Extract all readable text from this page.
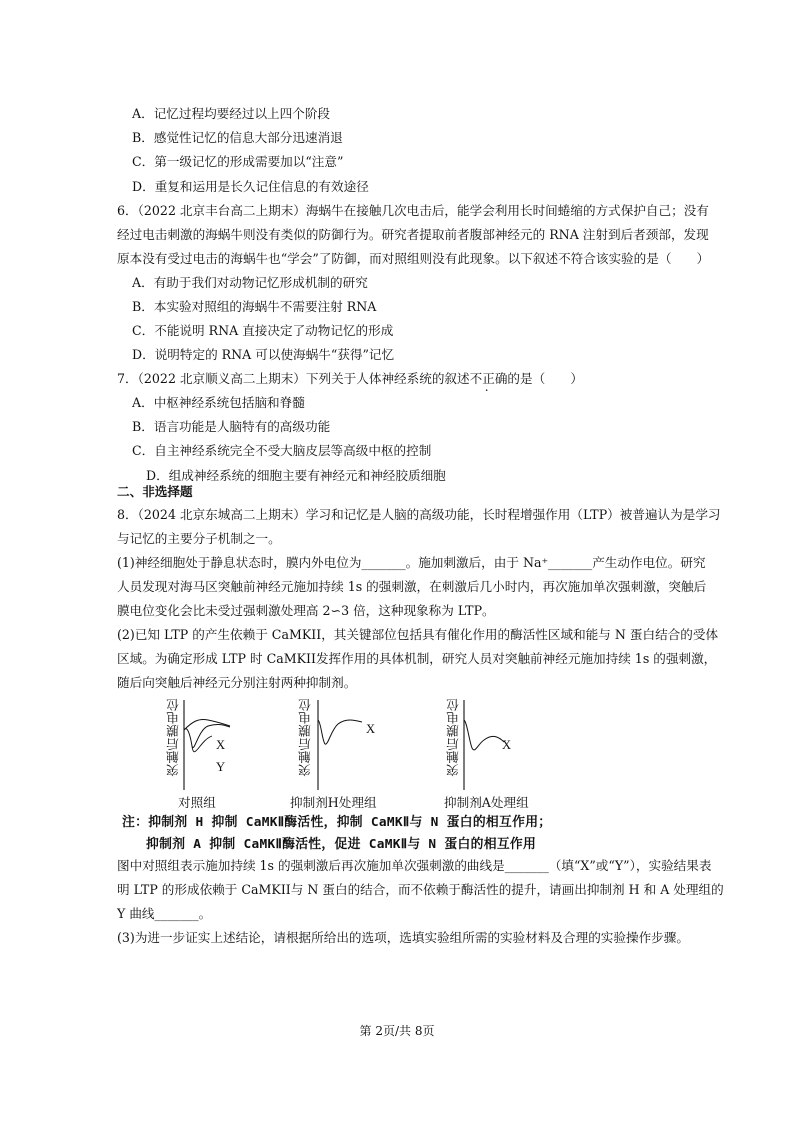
A．记忆过程均要经过以上四个阶段
B．感觉性记忆的信息大部分迅速消退
C．第一级记忆的形成需要加以“注意”
D．重复和运用是长久记住信息的有效途径
6．（2022 北京丰台高二上期末）海蜗牛在接触几次电击后，能学会利用长时间蜷缩的方式保护自己；没有
经过电击刺激的海蜗牛则没有类似的防御行为。研究者提取前者腹部神经元的 RNA 注射到后者颈部，发现
原本没有受过电击的海蜗牛也“学会”了防御，而对照组则没有此现象。以下叙述不符合该实验的是（　　）
A．有助于我们对动物记忆形成机制的研究
B．本实验对照组的海蜗牛不需要注射 RNA
C．不能说明 RNA 直接决定了动物记忆的形成
D．说明特定的 RNA 可以使海蜗牛“获得”记忆
7．（2022 北京顺义高二上期末）下列关于人体神经系统的叙述不正确的是（　　）
A．中枢神经系统包括脑和脊髓
B．语言功能是人脑特有的高级功能
C．自主神经系统完全不受大脑皮层等高级中枢的控制
D．组成神经系统的细胞主要有神经元和神经胶质细胞
二、非选择题
8．（2024 北京东城高二上期末）学习和记忆是人脑的高级功能，长时程增强作用（LTP）被普遍认为是学习
与记忆的主要分子机制之一。
(1)神经细胞处于静息状态时，膜内外电位为_______。施加刺激后，由于 Na⁺_______产生动作电位。研究
人员发现对海马区突触前神经元施加持续 1s 的强刺激，在刺激后几小时内，再次施加单次强刺激，突触后
膜电位变化会比未受过强刺激处理高 2∽3 倍，这种现象称为 LTP。
(2)已知 LTP 的产生依赖于 CaMKII，其关键部位包括具有催化作用的酶活性区域和能与 N 蛋白结合的受体
区域。为确定形成 LTP 时 CaMKII发挥作用的具体机制，研究人员对突触前神经元施加持续 1s 的强刺激，
随后向突触后神经元分别注射两种抑制剂。
突触后膜电位	X
Y	突触后膜电位	X	突触后膜电位	X
对照组	抑制剂H处理组	抑制剂A处理组
注：抑制剂 H 抑制 CaMKⅡ酶活性，抑制 CaMKⅡ与 N 蛋白的相互作用；
抑制剂 A 抑制 CaMKⅡ酶活性，促进 CaMKⅡ与 N 蛋白的相互作用
图中对照组表示施加持续 1s 的强刺激后再次施加单次强刺激的曲线是_______（填“X”或“Y”），实验结果表
明 LTP 的形成依赖于 CaMKII与 N 蛋白的结合，而不依赖于酶活性的提升，请画出抑制剂 H 和 A 处理组的
Y 曲线_______。
(3)为进一步证实上述结论，请根据所给出的选项，选填实验组所需的实验材料及合理的实验操作步骤。
第 2页/共 8页
